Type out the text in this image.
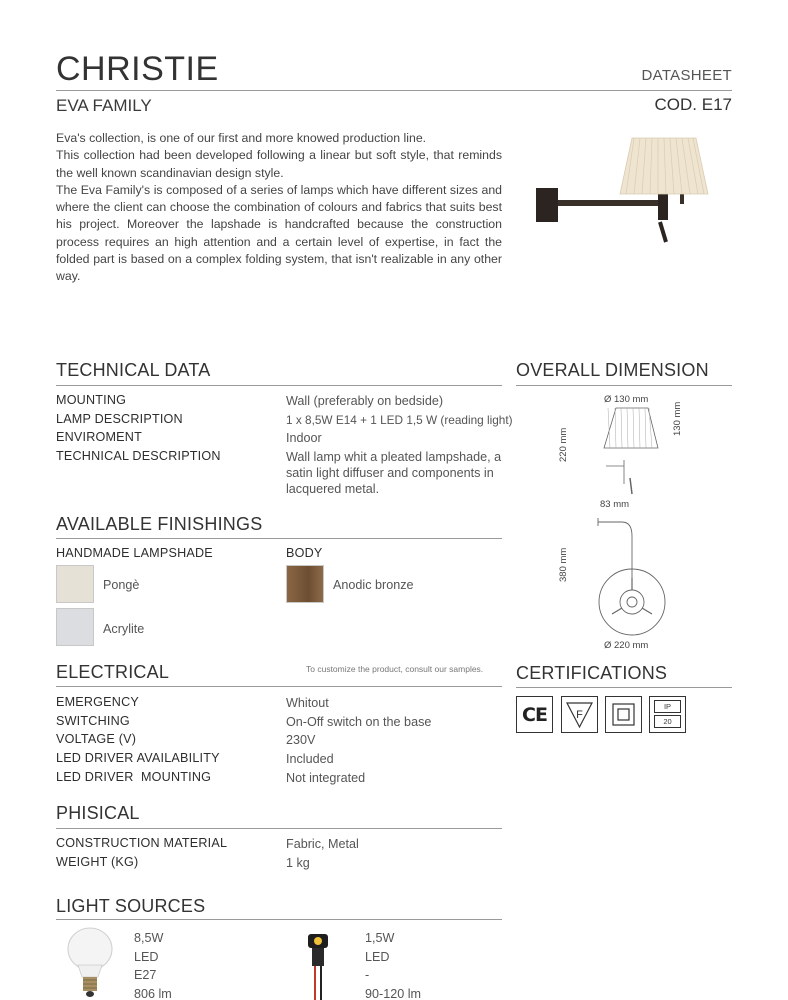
CHRISTIE	DATASHEET
EVA FAMILY	COD. E17

Eva's collection, is one of our first and more knowed production line.

This collection had been developed following a linear but soft style, that reminds the well known scandinavian design style.

The Eva Family's is composed of a series of lamps which have different sizes and where the client can choose the combination of colours and fabrics that suits best his project. Moreover the lapshade is handcrafted because the construction process requires an high attention and a certain level of expertise, in fact the folded part is based on a complex folding system, that isn't realizable in any other way.

TECHNICAL DATA
MOUNTING	Wall (preferably on bedside)
LAMP DESCRIPTION	1 x 8,5W E14 + 1 LED 1,5 W (reading light)
ENVIROMENT	Indoor
TECHNICAL DESCRIPTION	Wall lamp whit a pleated lampshade, a satin light diffuser and components in lacquered metal.
OVERALL DIMENSION
Ø 130 mm
130 mm
220 mm
83 mm
380 mm
Ø 220 mm
AVAILABLE FINISHINGS
HANDMADE LAMPSHADE	BODY
Pongè
Acrylite
Anodic bronze
ELECTRICAL	To customize the product, consult our samples.
EMERGENCY	Whitout
SWITCHING	On-Off switch on the base
VOLTAGE (V)	230V
LED DRIVER AVAILABILITY	Included
LED DRIVER  MOUNTING	Not integrated
CERTIFICATIONS
CE	F
IP
20
PHISICAL
CONSTRUCTION MATERIAL	Fabric, Metal
WEIGHT (KG)	1 kg
LIGHT SOURCES
8,5W
LED
E27
806 lm
1,5W
LED
-
90-120 lm
